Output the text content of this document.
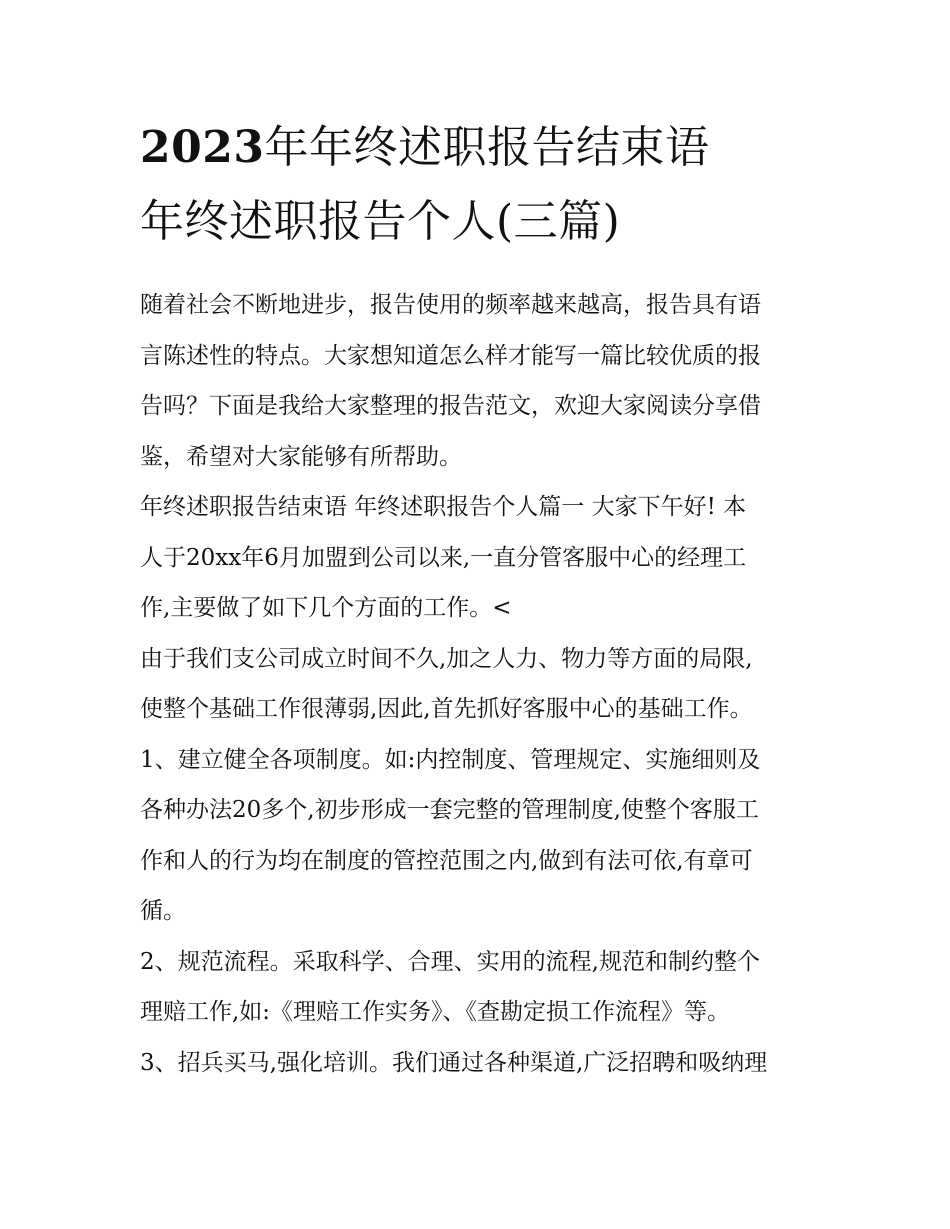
2023年年终述职报告结束语
年终述职报告个人(三篇)

随着社会不断地进步，报告使用的频率越来越高，报告具有语
言陈述性的特点。大家想知道怎么样才能写一篇比较优质的报
告吗？下面是我给大家整理的报告范文，欢迎大家阅读分享借
鉴，希望对大家能够有所帮助。

年终述职报告结束语 年终述职报告个人篇一 大家下午好! 本
人于20xx年6月加盟到公司以来,一直分管客服中心的经理工
作,主要做了如下几个方面的工作。<

由于我们支公司成立时间不久,加之人力、物力等方面的局限,
使整个基础工作很薄弱,因此,首先抓好客服中心的基础工作。

1、建立健全各项制度。如:内控制度、管理规定、实施细则及
各种办法20多个,初步形成一套完整的管理制度,使整个客服工
作和人的行为均在制度的管控范围之内,做到有法可依,有章可
循。

2、规范流程。采取科学、合理、实用的流程,规范和制约整个
理赔工作,如:《理赔工作实务》、《查勘定损工作流程》等。

3、招兵买马,强化培训。我们通过各种渠道,广泛招聘和吸纳理
